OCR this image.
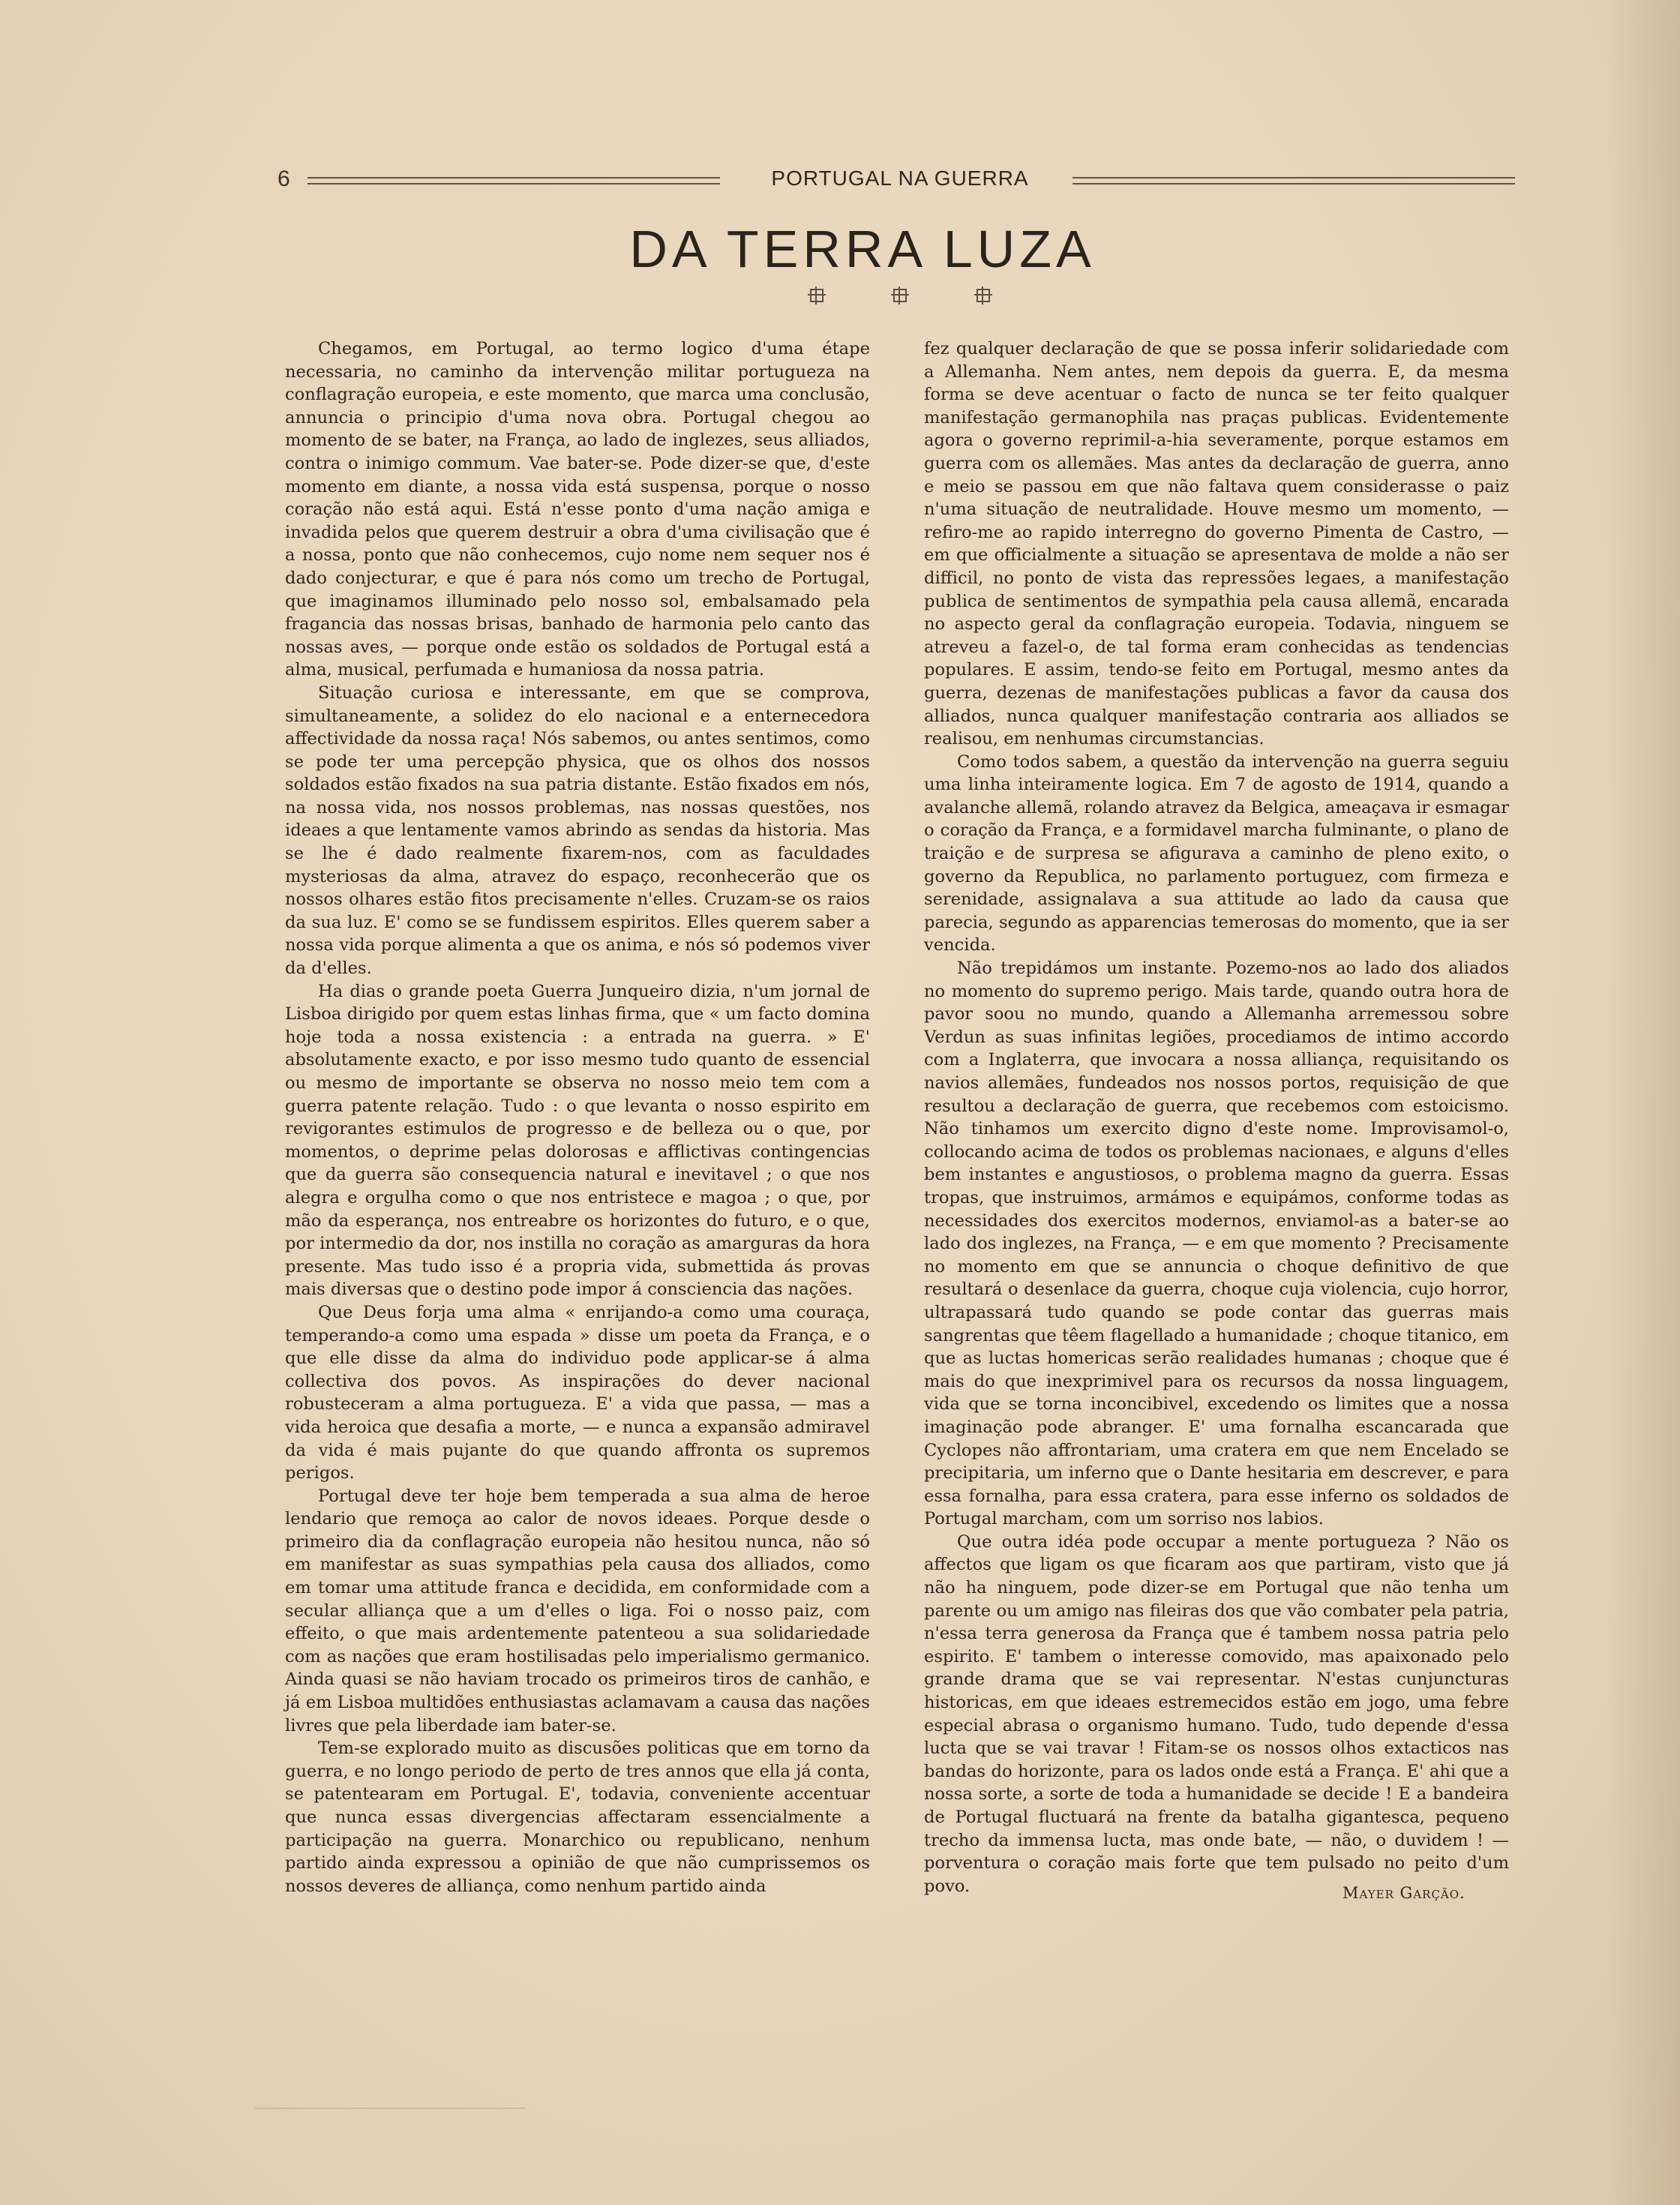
6	PORTUGAL NA GUERRA
DA TERRA LUZA

Chegamos, em Portugal, ao termo logico d'uma étape necessaria, no caminho da intervenção militar portugueza na conflagração europeia, e este momento, que marca uma conclusão, annuncia o principio d'uma nova obra. Portugal chegou ao momento de se bater, na França, ao lado de inglezes, seus alliados, contra o inimigo commum. Vae bater-se. Pode dizer-se que, d'este momento em diante, a nossa vida está suspensa, porque o nosso coração não está aqui. Está n'esse ponto d'uma nação amiga e invadida pelos que querem destruir a obra d'uma civilisação que é a nossa, ponto que não conhecemos, cujo nome nem sequer nos é dado conjecturar, e que é para nós como um trecho de Portugal, que imaginamos illuminado pelo nosso sol, embalsamado pela fragancia das nossas brisas, banhado de harmonia pelo canto das nossas aves, — porque onde estão os soldados de Portugal está a alma, musical, perfumada e humaniosa da nossa patria.

Situação curiosa e interessante, em que se comprova, simultaneamente, a solidez do elo nacional e a enternecedora affectividade da nossa raça! Nós sabemos, ou antes sentimos, como se pode ter uma percepção physica, que os olhos dos nossos soldados estão fixados na sua patria distante. Estão fixados em nós, na nossa vida, nos nossos problemas, nas nossas questões, nos ideaes a que lentamente vamos abrindo as sendas da historia. Mas se lhe é dado realmente fixarem-nos, com as faculdades mysteriosas da alma, atravez do espaço, reconhecerão que os nossos olhares estão fitos precisamente n'elles. Cruzam-se os raios da sua luz. E' como se se fundissem espiritos. Elles querem saber a nossa vida porque alimenta a que os anima, e nós só podemos viver da d'elles.

Ha dias o grande poeta Guerra Junqueiro dizia, n'um jornal de Lisboa dirigido por quem estas linhas firma, que « um facto domina hoje toda a nossa existencia : a entrada na guerra. » E' absolutamente exacto, e por isso mesmo tudo quanto de essencial ou mesmo de importante se observa no nosso meio tem com a guerra patente relação. Tudo : o que levanta o nosso espirito em revigorantes estimulos de progresso e de belleza ou o que, por momentos, o deprime pelas dolorosas e afflictivas contingencias que da guerra são consequencia natural e inevitavel ; o que nos alegra e orgulha como o que nos entristece e magoa ; o que, por mão da esperança, nos entreabre os horizontes do futuro, e o que, por intermedio da dor, nos instilla no coração as amarguras da hora presente. Mas tudo isso é a propria vida, submettida ás provas mais diversas que o destino pode impor á consciencia das nações.

Que Deus forja uma alma « enrijando-a como uma couraça, temperando-a como uma espada » disse um poeta da França, e o que elle disse da alma do individuo pode applicar-se á alma collectiva dos povos. As inspirações do dever nacional robusteceram a alma portugueza. E' a vida que passa, — mas a vida heroica que desafia a morte, — e nunca a expansão admiravel da vida é mais pujante do que quando affronta os supremos perigos.

Portugal deve ter hoje bem temperada a sua alma de heroe lendario que remoça ao calor de novos ideaes. Porque desde o primeiro dia da conflagração europeia não hesitou nunca, não só em manifestar as suas sympathias pela causa dos alliados, como em tomar uma attitude franca e decidida, em conformidade com a secular alliança que a um d'elles o liga. Foi o nosso paiz, com effeito, o que mais ardentemente patenteou a sua solidariedade com as nações que eram hostilisadas pelo imperialismo germanico. Ainda quasi se não haviam trocado os primeiros tiros de canhão, e já em Lisboa multidões enthusiastas aclamavam a causa das nações livres que pela liberdade iam bater-se.

Tem-se explorado muito as discusões politicas que em torno da guerra, e no longo periodo de perto de tres annos que ella já conta, se patentearam em Portugal. E', todavia, conveniente accentuar que nunca essas divergencias affectaram essencialmente a participação na guerra. Monarchico ou republicano, nenhum partido ainda expressou a opinião de que não cumprissemos os nossos deveres de alliança, como nenhum partido ainda

fez qualquer declaração de que se possa inferir solidariedade com a Allemanha. Nem antes, nem depois da guerra. E, da mesma forma se deve acentuar o facto de nunca se ter feito qualquer manifestação germanophila nas praças publicas. Evidentemente agora o governo reprimil-a-hia severamente, porque estamos em guerra com os allemães. Mas antes da declaração de guerra, anno e meio se passou em que não faltava quem considerasse o paiz n'uma situação de neutralidade. Houve mesmo um momento, — refiro-me ao rapido interregno do governo Pimenta de Castro, — em que officialmente a situação se apresentava de molde a não ser difficil, no ponto de vista das repressões legaes, a manifestação publica de sentimentos de sympathia pela causa allemã, encarada no aspecto geral da conflagração europeia. Todavia, ninguem se atreveu a fazel-o, de tal forma eram conhecidas as tendencias populares. E assim, tendo-se feito em Portugal, mesmo antes da guerra, dezenas de manifestações publicas a favor da causa dos alliados, nunca qualquer manifestação contraria aos alliados se realisou, em nenhumas circumstancias.

Como todos sabem, a questão da intervenção na guerra seguiu uma linha inteiramente logica. Em 7 de agosto de 1914, quando a avalanche allemã, rolando atravez da Belgica, ameaçava ir esmagar o coração da França, e a formidavel marcha fulminante, o plano de traição e de surpresa se afigurava a caminho de pleno exito, o governo da Republica, no parlamento portuguez, com firmeza e serenidade, assignalava a sua attitude ao lado da causa que parecia, segundo as apparencias temerosas do momento, que ia ser vencida.

Não trepidámos um instante. Pozemo-nos ao lado dos aliados no momento do supremo perigo. Mais tarde, quando outra hora de pavor soou no mundo, quando a Allemanha arremessou sobre Verdun as suas infinitas legiões, procediamos de intimo accordo com a Inglaterra, que invocara a nossa alliança, requisitando os navios allemães, fundeados nos nossos portos, requisição de que resultou a declaração de guerra, que recebemos com estoicismo. Não tinhamos um exercito digno d'este nome. Improvisamol-o, collocando acima de todos os problemas nacionaes, e alguns d'elles bem instantes e angustiosos, o problema magno da guerra. Essas tropas, que instruimos, armámos e equipámos, conforme todas as necessidades dos exercitos modernos, enviamol-as a bater-se ao lado dos inglezes, na França, — e em que momento ? Precisamente no momento em que se annuncia o choque definitivo de que resultará o desenlace da guerra, choque cuja violencia, cujo horror, ultrapassará tudo quando se pode contar das guerras mais sangrentas que têem flagellado a humanidade ; choque titanico, em que as luctas homericas serão realidades humanas ; choque que é mais do que inexprimivel para os recursos da nossa linguagem, vida que se torna inconcibivel, excedendo os limites que a nossa imaginação pode abranger. E' uma fornalha escancarada que Cyclopes não affrontariam, uma cratera em que nem Encelado se precipitaria, um inferno que o Dante hesitaria em descrever, e para essa fornalha, para essa cratera, para esse inferno os soldados de Portugal marcham, com um sorriso nos labios.

Que outra idéa pode occupar a mente portugueza ? Não os affectos que ligam os que ficaram aos que partiram, visto que já não ha ninguem, pode dizer-se em Portugal que não tenha um parente ou um amigo nas fileiras dos que vão combater pela patria, n'essa terra generosa da França que é tambem nossa patria pelo espirito. E' tambem o interesse comovido, mas apaixonado pelo grande drama que se vai representar. N'estas cunjuncturas historicas, em que ideaes estremecidos estão em jogo, uma febre especial abrasa o organismo humano. Tudo, tudo depende d'essa lucta que se vai travar ! Fitam-se os nossos olhos extacticos nas bandas do horizonte, para os lados onde está a França. E' ahi que a nossa sorte, a sorte de toda a humanidade se decide ! E a bandeira de Portugal fluctuará na frente da batalha gigantesca, pequeno trecho da immensa lucta, mas onde bate, — não, o duvidem ! — porventura o coração mais forte que tem pulsado no peito d'um povo.	Mayer Garção.
